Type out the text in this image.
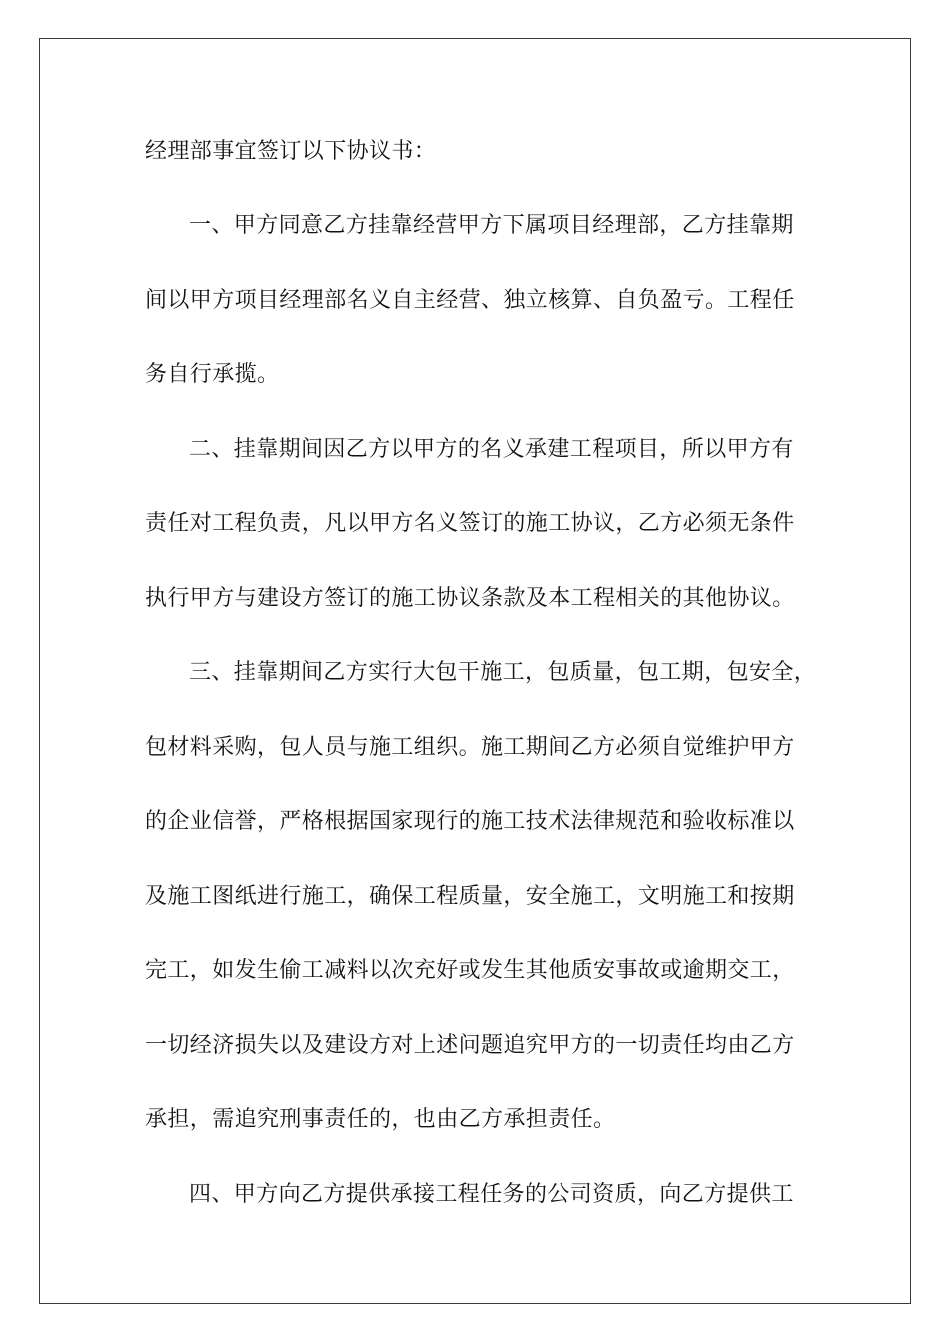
经理部事宜签订以下协议书：
一、甲方同意乙方挂靠经营甲方下属项目经理部，乙方挂靠期
间以甲方项目经理部名义自主经营、独立核算、自负盈亏。工程任
务自行承揽。
二、挂靠期间因乙方以甲方的名义承建工程项目，所以甲方有
责任对工程负责，凡以甲方名义签订的施工协议，乙方必须无条件
执行甲方与建设方签订的施工协议条款及本工程相关的其他协议。
三、挂靠期间乙方实行大包干施工，包质量，包工期，包安全，
包材料采购，包人员与施工组织。施工期间乙方必须自觉维护甲方
的企业信誉，严格根据国家现行的施工技术法律规范和验收标准以
及施工图纸进行施工，确保工程质量，安全施工，文明施工和按期
完工，如发生偷工减料以次充好或发生其他质安事故或逾期交工，
一切经济损失以及建设方对上述问题追究甲方的一切责任均由乙方
承担，需追究刑事责任的，也由乙方承担责任。
四、甲方向乙方提供承接工程任务的公司资质，向乙方提供工
